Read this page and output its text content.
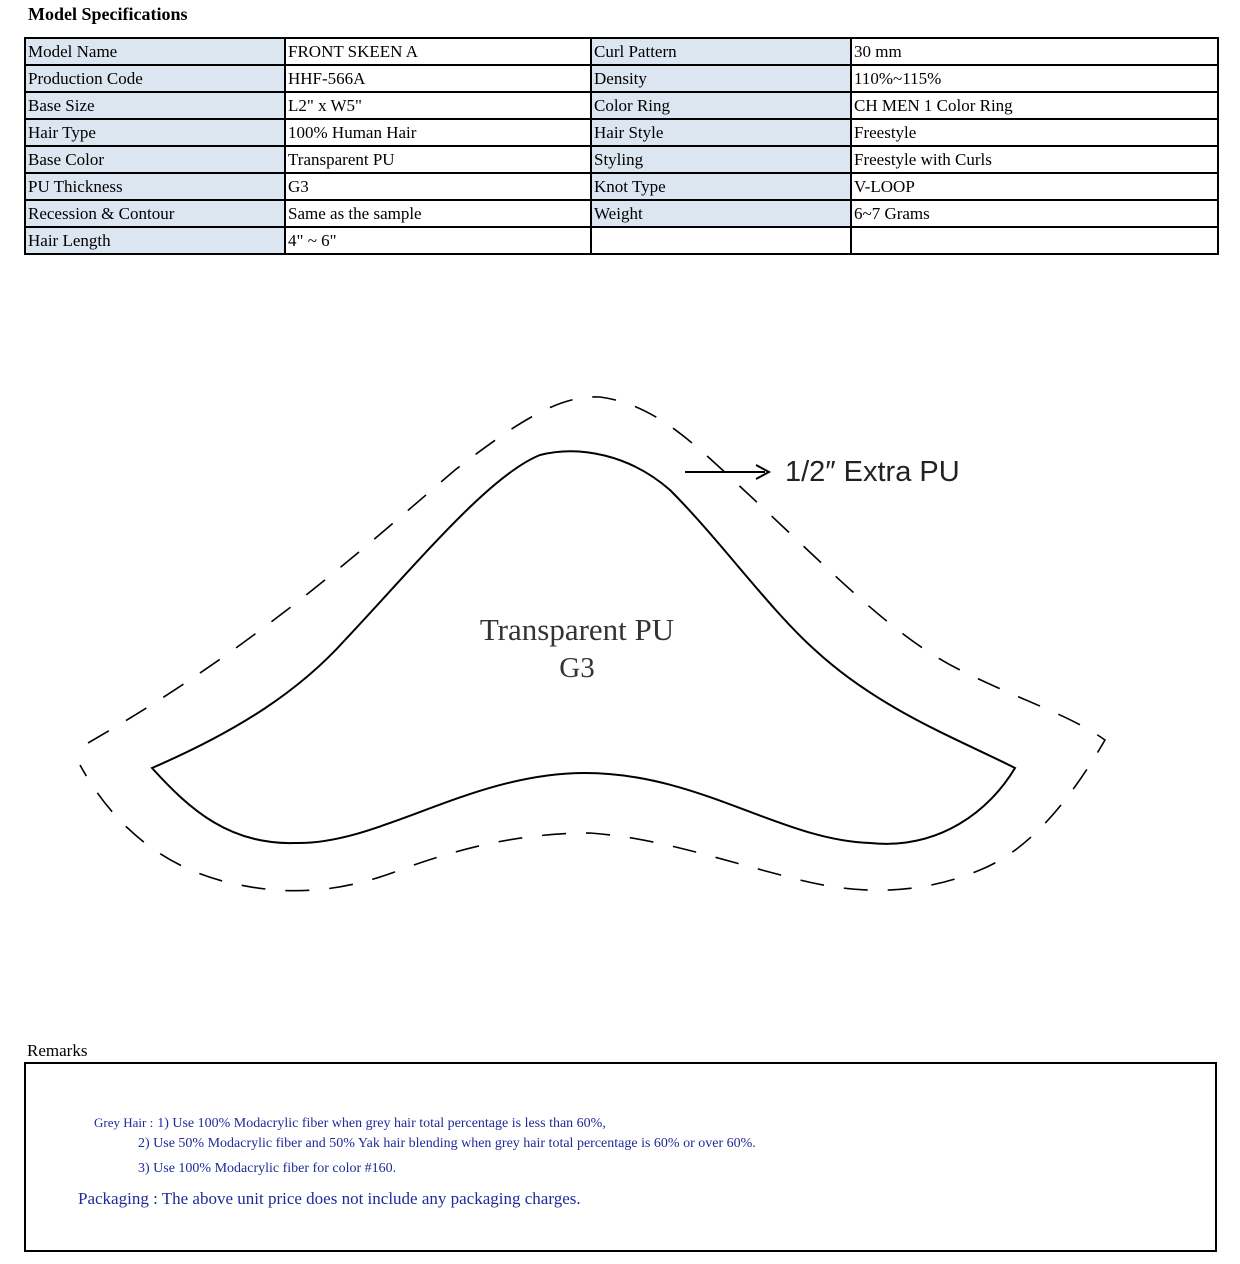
Model Specifications
Model Name	FRONT SKEEN A	Curl Pattern	30 mm
Production Code	HHF-566A	Density	110%~115%
Base Size	L2" x W5"	Color Ring	CH MEN 1 Color Ring
Hair Type	100% Human Hair	Hair Style	Freestyle
Base Color	Transparent PU	Styling	Freestyle with Curls
PU Thickness	G3	Knot Type	V-LOOP
Recession & Contour	Same as the sample	Weight	6~7 Grams
Hair Length	4" ~ 6"		
1/2″ Extra PU
Transparent PU
G3
Remarks
Grey Hair : 1) Use 100% Modacrylic fiber when grey hair total percentage is less than 60%,
2) Use 50% Modacrylic fiber and 50% Yak hair blending when grey hair total percentage is 60% or over 60%.
3) Use 100% Modacrylic fiber for color #160.
Packaging : The above unit price does not include any packaging charges.
